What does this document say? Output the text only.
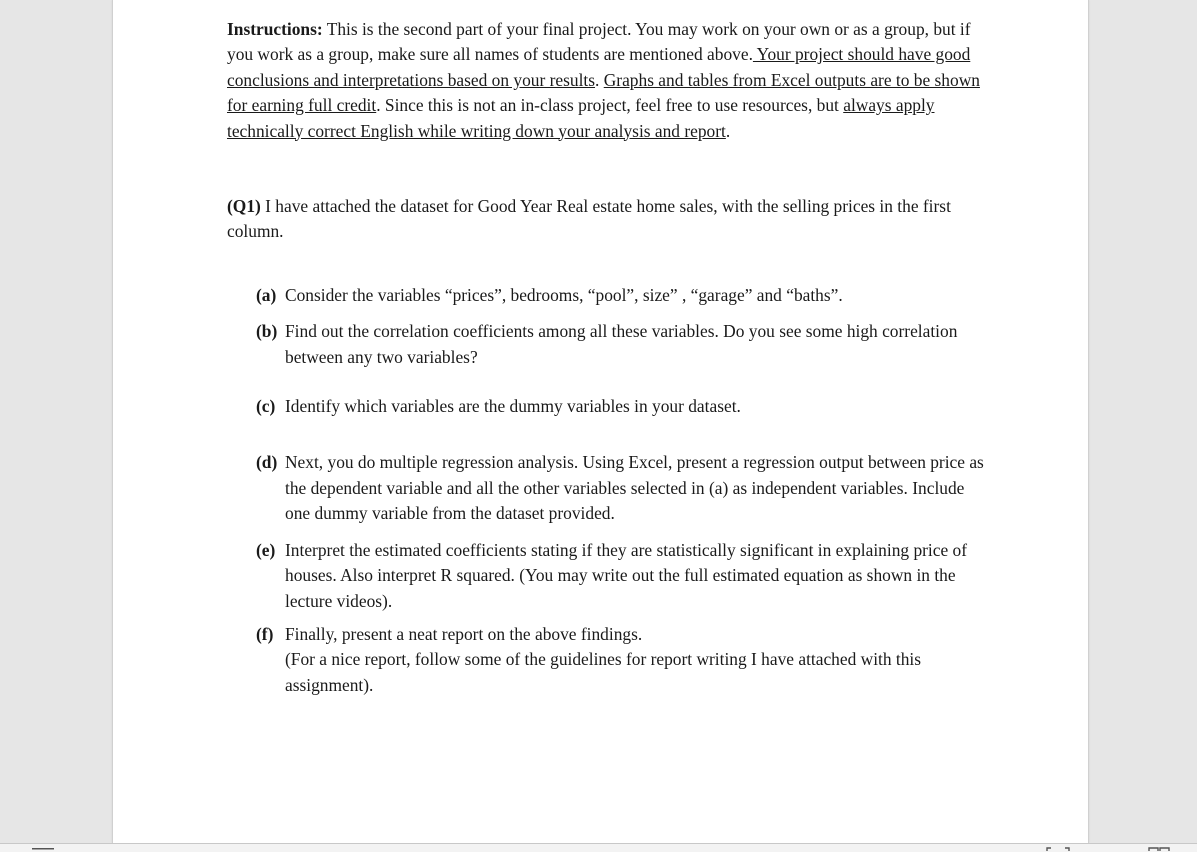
Instructions: This is the second part of your final project. You may work on your own or as a group, but if you work as a group, make sure all names of students are mentioned above. Your project should have good conclusions and interpretations based on your results. Graphs and tables from Excel outputs are to be shown for earning full credit. Since this is not an in-class project, feel free to use resources, but always apply technically correct English while writing down your analysis and report.

(Q1) I have attached the dataset for Good Year Real estate home sales, with the selling prices in the first column.

(a) Consider the variables “prices”, bedrooms, “pool”, size” , “garage” and “baths”.
(b) Find out the correlation coefficients among all these variables. Do you see some high correlation between any two variables?
(c) Identify which variables are the dummy variables in your dataset.
(d) Next, you do multiple regression analysis. Using Excel, present a regression output between price as the dependent variable and all the other variables selected in (a) as independent variables. Include one dummy variable from the dataset provided.
(e) Interpret the estimated coefficients stating if they are statistically significant in explaining price of houses. Also interpret R squared. (You may write out the full estimated equation as shown in the lecture videos).
(f) Finally, present a neat report on the above findings.
(For a nice report, follow some of the guidelines for report writing I have attached with this assignment).
